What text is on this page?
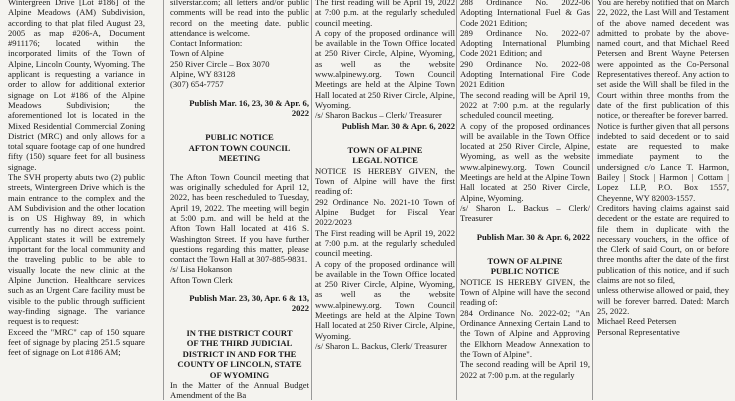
Wintergreen Drive [Lot #186] of the Alpine Meadows (AM) Subdivision, according to that plat filed August 23, 2005 as map #206-A, Document #911176; located within the incorporated limits of the Town of Alpine, Lincoln County, Wyoming. The applicant is requesting a variance in order to allow for additional exterior signage on Lot #186 of the Alpine Meadows Subdivision; the aforementioned lot is located in the Mixed Residential Commercial Zoning District (MRC) and only allows for a total square footage cap of one hundred fifty (150) square feet for all business signage.

The SVH property abuts two (2) public streets, Wintergreen Drive which is the main entrance to the complex and the AM Subdivision and the other location is on US Highway 89, in which currently has no direct access point. Applicant states it will be extremely important for the local community and the traveling public to be able to visually locate the new clinic at the Alpine Junction. Healthcare services such as an Urgent Care facility must be visible to the public through sufficient way-finding signage. The variance request is to request:

Exceed the "MRC" cap of 150 square feet of signage by placing 251.5 square feet of signage on Lot #186 AM;

silverstar.com; all letters and/or public comments will be read into the public record on the meeting date. public attendance is welcome.

Contact Information:

Town of Alpine

250 River Circle – Box 3070

Alpine, WY 83128

(307) 654-7757

Publish Mar. 16, 23, 30 & Apr. 6, 2022

PUBLIC NOTICE

AFTON TOWN COUNCIL

MEETING

The Afton Town Council meeting that was originally scheduled for April 12, 2022, has been rescheduled to Tuesday, April 19, 2022. The meeting will begin at 5:00 p.m. and will be held at the Afton Town Hall located at 416 S. Washington Street. If you have further questions regarding this matter, please contact the Town Hall at 307-885-9831.

/s/ Lisa Hokanson

Afton Town Clerk

Publish Mar. 23, 30, Apr. 6 & 13, 2022

IN THE DISTRICT COURT

OF THE THIRD JUDICIAL

DISTRICT IN AND FOR THE

COUNTY OF LINCOLN, STATE

OF WYOMING

In the Matter of the Annual Budget Amendment of the Ba

The first reading will be April 19, 2022 at 7:00 p.m. at the regularly scheduled council meeting.

A copy of the proposed ordinance will be available in the Town Office located at 250 River Circle, Alpine, Wyoming, as well as the website www.alpinewy.org. Town Council Meetings are held at the Alpine Town Hall located at 250 River Circle, Alpine, Wyoming.

/s/ Sharon Backus – Clerk/ Treasurer

Publish Mar. 30 & Apr. 6, 2022

TOWN OF ALPINE

LEGAL NOTICE

NOTICE IS HEREBY GIVEN, the Town of Alpine will have the first reading of:

292 Ordinance No. 2021-10 Town of Alpine Budget for Fiscal Year 2022/2023

The First reading will be April 19, 2022 at 7:00 p.m. at the regularly scheduled council meeting.

A copy of the proposed ordinance will be available in the Town Office located at 250 River Circle, Alpine, Wyoming, as well as the website www.alpinewy.org. Town Council Meetings are held at the Alpine Town Hall located at 250 River Circle, Alpine, Wyoming.

/s/ Sharon L. Backus, Clerk/ Treasurer

288 Ordinance No. 2022-06 Adopting International Fuel & Gas Code 2021 Edition;

289 Ordinance No. 2022-07 Adopting International Plumbing Code 2021 Edition; and

290 Ordinance No. 2022-08 Adopting International Fire Code 2021 Edition

The second reading will be April 19, 2022 at 7:00 p.m. at the regularly scheduled council meeting.

A copy of the proposed ordinances will be available in the Town Office located at 250 River Circle, Alpine, Wyoming, as well as the website www.alpinewy.org. Town Council Meetings are held at the Alpine Town Hall located at 250 River Circle, Alpine, Wyoming.

/s/ Sharon L. Backus – Clerk/ Treasurer

Publish Mar. 30 & Apr. 6, 2022

TOWN OF ALPINE

PUBLIC NOTICE

NOTICE IS HEREBY GIVEN, the Town of Alpine will have the second reading of:

284 Ordinance No. 2022-02; "An Ordinance Annexing Certain Land to the Town of Alpine and Approving the Elkhorn Meadow Annexation to the Town of Alpine".

The second reading will be April 19, 2022 at 7:00 p.m. at the regularly

You are hereby notified that on March 22, 2022, the Last Will and Testament of the above named decedent was admitted to probate by the above-named court, and that Michael Reed Petersen and Brent Wayne Petersen were appointed as the Co-Personal Representatives thereof. Any action to set aside the Will shall be filed in the Court within three months from the date of the first publication of this notice, or thereafter be forever barred.

Notice is further given that all persons indebted to said decedent or to said estate are requested to make immediate payment to the undersigned c/o Lance T. Harmon, Bailey | Stock | Harmon | Cottam | Lopez LLP, P.O. Box 1557, Cheyenne, WY 82003-1557.

Creditors having claims against said decedent or the estate are required to file them in duplicate with the necessary vouchers, in the office of the Clerk of said Court, on or before three months after the date of the first publication of this notice, and if such claims are not so filed,

unless otherwise allowed or paid, they will be forever barred. Dated: March 25, 2022.

Michael Reed Petersen

Personal Representative
